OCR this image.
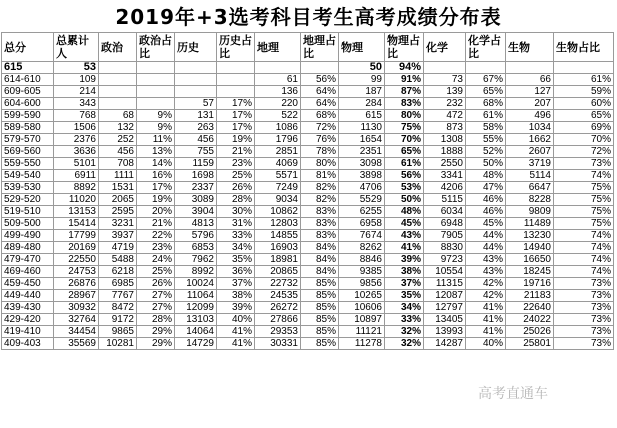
2019年+3选考科目考生高考成绩分布表
总分	总累计人	政治	政治占比	历史	历史占比	地理	地理占比	物理	物理占比	化学	化学占比	生物	生物占比
615	53							50	94%				
614-610	109					61	56%	99	91%	73	67%	66	61%
609-605	214					136	64%	187	87%	139	65%	127	59%
604-600	343			57	17%	220	64%	284	83%	232	68%	207	60%
599-590	768	68	9%	131	17%	522	68%	615	80%	472	61%	496	65%
589-580	1506	132	9%	263	17%	1086	72%	1130	75%	873	58%	1034	69%
579-570	2376	252	11%	456	19%	1796	76%	1654	70%	1308	55%	1662	70%
569-560	3636	456	13%	755	21%	2851	78%	2351	65%	1888	52%	2607	72%
559-550	5101	708	14%	1159	23%	4069	80%	3098	61%	2550	50%	3719	73%
549-540	6911	1111	16%	1698	25%	5571	81%	3898	56%	3341	48%	5114	74%
539-530	8892	1531	17%	2337	26%	7249	82%	4706	53%	4206	47%	6647	75%
529-520	11020	2065	19%	3089	28%	9034	82%	5529	50%	5115	46%	8228	75%
519-510	13153	2595	20%	3904	30%	10862	83%	6255	48%	6034	46%	9809	75%
509-500	15414	3231	21%	4813	31%	12803	83%	6958	45%	6948	45%	11489	75%
499-490	17799	3937	22%	5796	33%	14855	83%	7674	43%	7905	44%	13230	74%
489-480	20169	4719	23%	6853	34%	16903	84%	8262	41%	8830	44%	14940	74%
479-470	22550	5488	24%	7962	35%	18981	84%	8846	39%	9723	43%	16650	74%
469-460	24753	6218	25%	8992	36%	20865	84%	9385	38%	10554	43%	18245	74%
459-450	26876	6985	26%	10024	37%	22732	85%	9856	37%	11315	42%	19716	73%
449-440	28967	7767	27%	11064	38%	24535	85%	10265	35%	12087	42%	21183	73%
439-430	30932	8472	27%	12099	39%	26272	85%	10606	34%	12797	41%	22640	73%
429-420	32764	9172	28%	13103	40%	27866	85%	10897	33%	13405	41%	24022	73%
419-410	34454	9865	29%	14064	41%	29353	85%	11121	32%	13993	41%	25026	73%
409-403	35569	10281	29%	14729	41%	30331	85%	11278	32%	14287	40%	25801	73%
高考直通车
